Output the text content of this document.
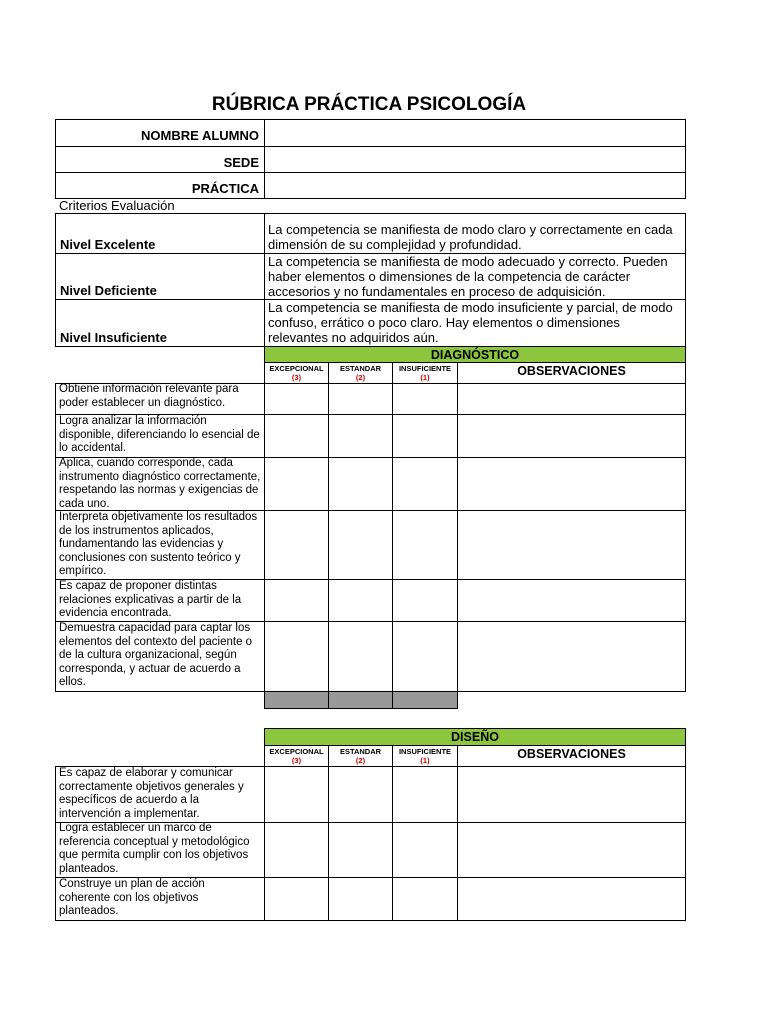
RÚBRICA PRÁCTICA PSICOLOGÍA
NOMBRE ALUMNO
SEDE
PRÁCTICA
Criterios Evaluación
Nivel Excelente
La competencia se manifiesta de modo claro y correctamente en cada dimensión de su complejidad y profundidad.
Nivel Deficiente
La competencia se manifiesta de modo adecuado y correcto. Pueden haber elementos o dimensiones de la competencia de carácter accesorios y no fundamentales en proceso de adquisición.
Nivel Insuficiente
La competencia se manifiesta de modo insuficiente y parcial, de modo confuso, errático o poco claro. Hay elementos o dimensiones relevantes no adquiridos aún.
DIAGNÓSTICO
EXCEPCIONAL
(3)
ESTANDAR
(2)
INSUFICIENTE
(1)	OBSERVACIONES
Obtiene información relevante para poder establecer un diagnóstico.
Logra analizar la información disponible, diferenciando lo esencial de lo accidental.
Aplica, cuando corresponde, cada instrumento diagnóstico correctamente, respetando las normas y exigencias de cada uno.
Interpreta objetivamente los resultados de los instrumentos aplicados, fundamentando las evidencias y conclusiones con sustento teórico y empírico.
Es capaz de proponer distintas relaciones explicativas a partir de la evidencia encontrada.
Demuestra capacidad para captar los elementos del contexto del paciente o de la cultura organizacional, según corresponda, y actuar de acuerdo a ellos.
DISEÑO
EXCEPCIONAL
(3)
ESTANDAR
(2)
INSUFICIENTE
(1)	OBSERVACIONES
Es capaz de elaborar y comunicar correctamente objetivos generales y específicos de acuerdo a la intervención a implementar.
Logra establecer un marco de referencia conceptual y metodológico que permita cumplir con los objetivos planteados.
Construye un plan de acción coherente con los objetivos planteados.
